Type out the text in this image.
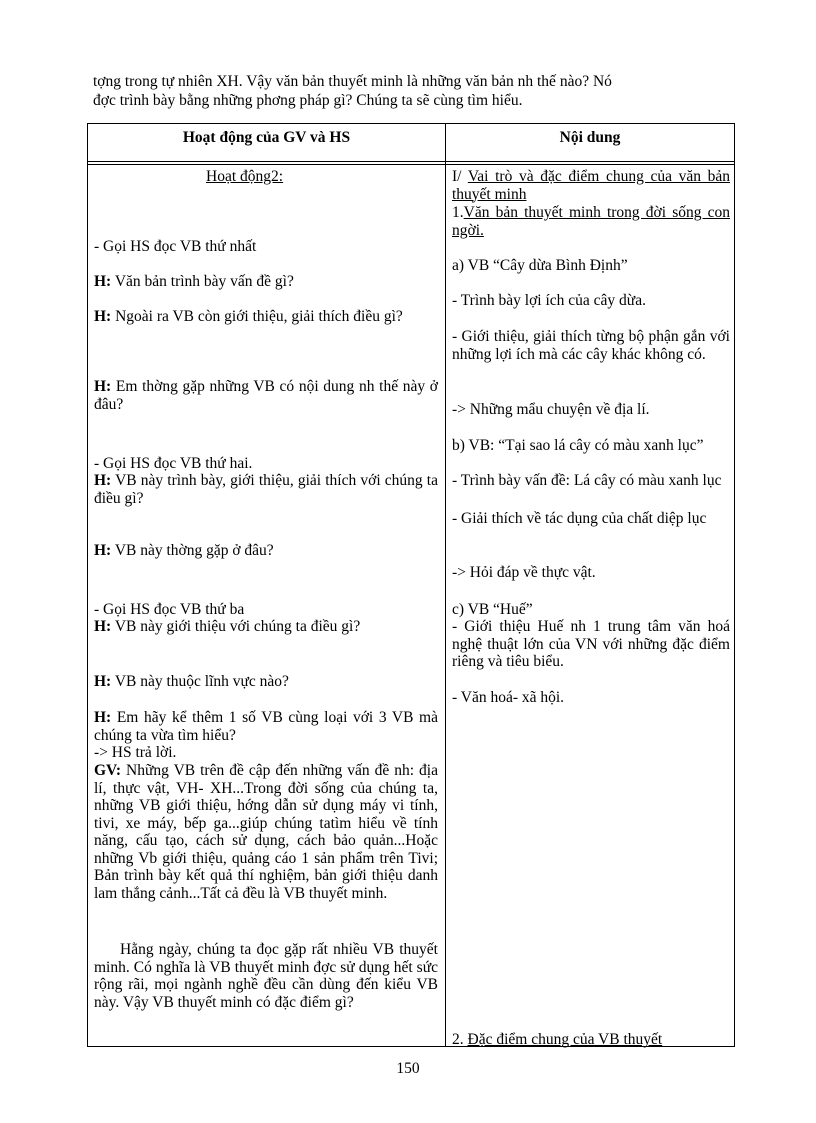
tợng trong tự nhiên XH. Vậy văn bản thuyết minh là những văn bản nh thế nào? Nó
đợc trình bày bằng những phơng pháp gì? Chúng ta sẽ cùng tìm hiểu.

Hoạt động của GV và HS	Nội dung

Hoạt động2:

- Gọi HS đọc VB thứ nhất

H: Văn bản trình bày vấn đề gì?

H: Ngoài ra VB còn giới thiệu, giải thích điều gì?

H: Em thờng gặp những VB có nội dung nh thế này ở đâu?

- Gọi HS đọc VB thứ hai.

H: VB này trình bày, giới thiệu, giải thích với chúng ta điều gì?

H: VB này thờng gặp ở đâu?

- Gọi HS đọc VB thứ ba

H: VB này giới thiệu với chúng ta điều gì?

H: VB này thuộc lĩnh vực nào?

H: Em hãy kể thêm 1 số VB cùng loại với 3 VB mà chúng ta vừa tìm hiểu?

-> HS trả lời.

GV: Những VB trên đề cập đến những vấn đề nh: địa lí, thực vật, VH- XH...Trong đời sống của chúng ta, những VB giới thiệu, hớng dẫn sử dụng máy vi tính, tivi, xe máy, bếp ga...giúp chúng tatìm hiểu về tính năng, cấu tạo, cách sử dụng, cách bảo quản...Hoặc những Vb giới thiệu, quảng cáo 1 sản phẩm trên Tivi; Bản trình bày kết quả thí nghiệm, bản giới thiệu danh lam thắng cảnh...Tất cả đều là VB thuyết minh.

Hằng ngày, chúng ta đọc gặp rất nhiều VB thuyết minh. Có nghĩa là VB thuyết minh đợc sử dụng hết sức rộng rãi, mọi ngành nghề đều cần dùng đến kiểu VB này. Vậy VB thuyết minh có đặc điểm gì?

I/ Vai trò và đặc điểm chung của văn bản thuyết minh

1.Văn bản thuyết minh trong đời sống con ngời.

a) VB “Cây dừa Bình Định”

- Trình bày lợi ích của cây dừa.

- Giới thiệu, giải thích từng bộ phận gắn với những lợi ích mà các cây khác không có.

-> Những mẩu chuyện về địa lí.

b) VB: “Tại sao lá cây có màu xanh lục”

- Trình bày vấn đề: Lá cây có màu xanh lục

- Giải thích về tác dụng của chất diệp lục

-> Hỏi đáp về thực vật.

c) VB “Huế”

- Giới thiệu Huế nh 1 trung tâm văn hoá nghệ thuật lớn của VN với những đặc điểm riêng và tiêu biểu.

- Văn hoá- xã hội.

2. Đặc điểm chung của VB thuyết

150
